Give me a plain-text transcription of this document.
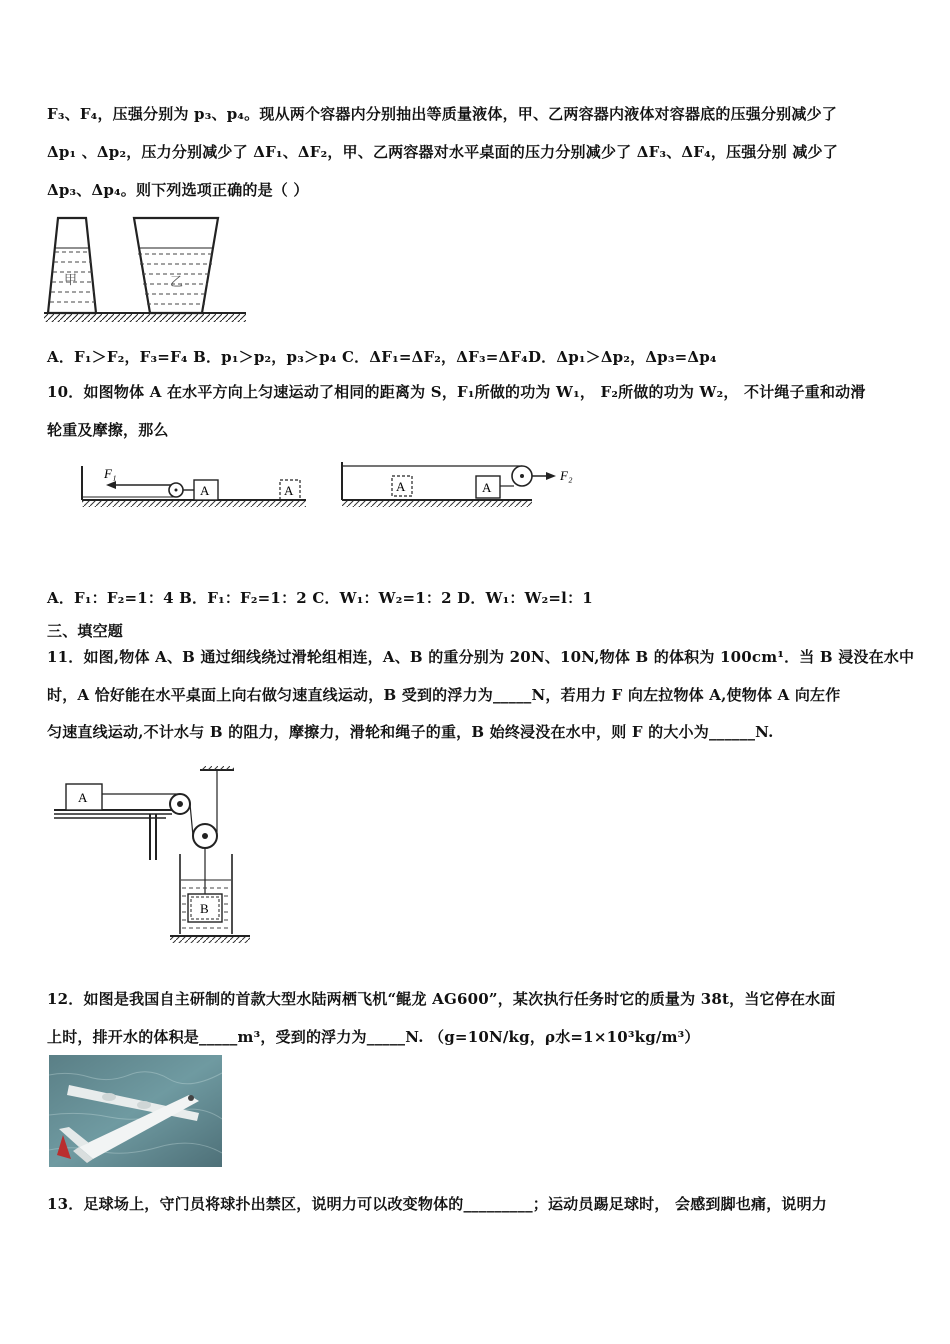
F₃、F₄，压强分别为 p₃、p₄。现从两个容器内分别抽出等质量液体，甲、乙两容器内液体对容器底的压强分别减少了
Δp₁ 、Δp₂，压力分别减少了 ΔF₁、ΔF₂，甲、乙两容器对水平桌面的压力分别减少了 ΔF₃、ΔF₄，压强分别 减少了
Δp₃、Δp₄。则下列选项正确的是（ ）
甲	乙
A．F₁＞F₂，F₃=F₄ B．p₁＞p₂，p₃＞p₄ C．ΔF₁=ΔF₂，ΔF₃=ΔF₄D．Δp₁＞Δp₂，Δp₃=Δp₄
10．如图物体 A 在水平方向上匀速运动了相同的距离为 S，F₁所做的功为 W₁， F₂所做的功为 W₂， 不计绳子重和动滑
轮重及摩擦，那么
F₁
A	A	A	A
F₂
A．F₁：F₂=1：4 B．F₁：F₂=1：2 C．W₁：W₂=1：2 D．W₁：W₂=l：1
三、填空题
11．如图,物体 A、B 通过细线绕过滑轮组相连，A、B 的重分别为 20N、10N,物体 B 的体积为 100cm¹．当 B 浸没在水中
时，A 恰好能在水平桌面上向右做匀速直线运动，B 受到的浮力为_____N，若用力 F 向左拉物体 A,使物体 A 向左作
匀速直线运动,不计水与 B 的阻力，摩擦力，滑轮和绳子的重，B 始终浸没在水中，则 F 的大小为______N.
A
B
12．如图是我国自主研制的首款大型水陆两栖飞机“鲲龙 AG600”，某次执行任务时它的质量为 38t，当它停在水面
上时，排开水的体积是_____m³，受到的浮力为_____N. （g=10N/kg，ρ水=1×10³kg/m³）
13．足球场上，守门员将球扑出禁区，说明力可以改变物体的_________；运动员踢足球时， 会感到脚也痛，说明力
